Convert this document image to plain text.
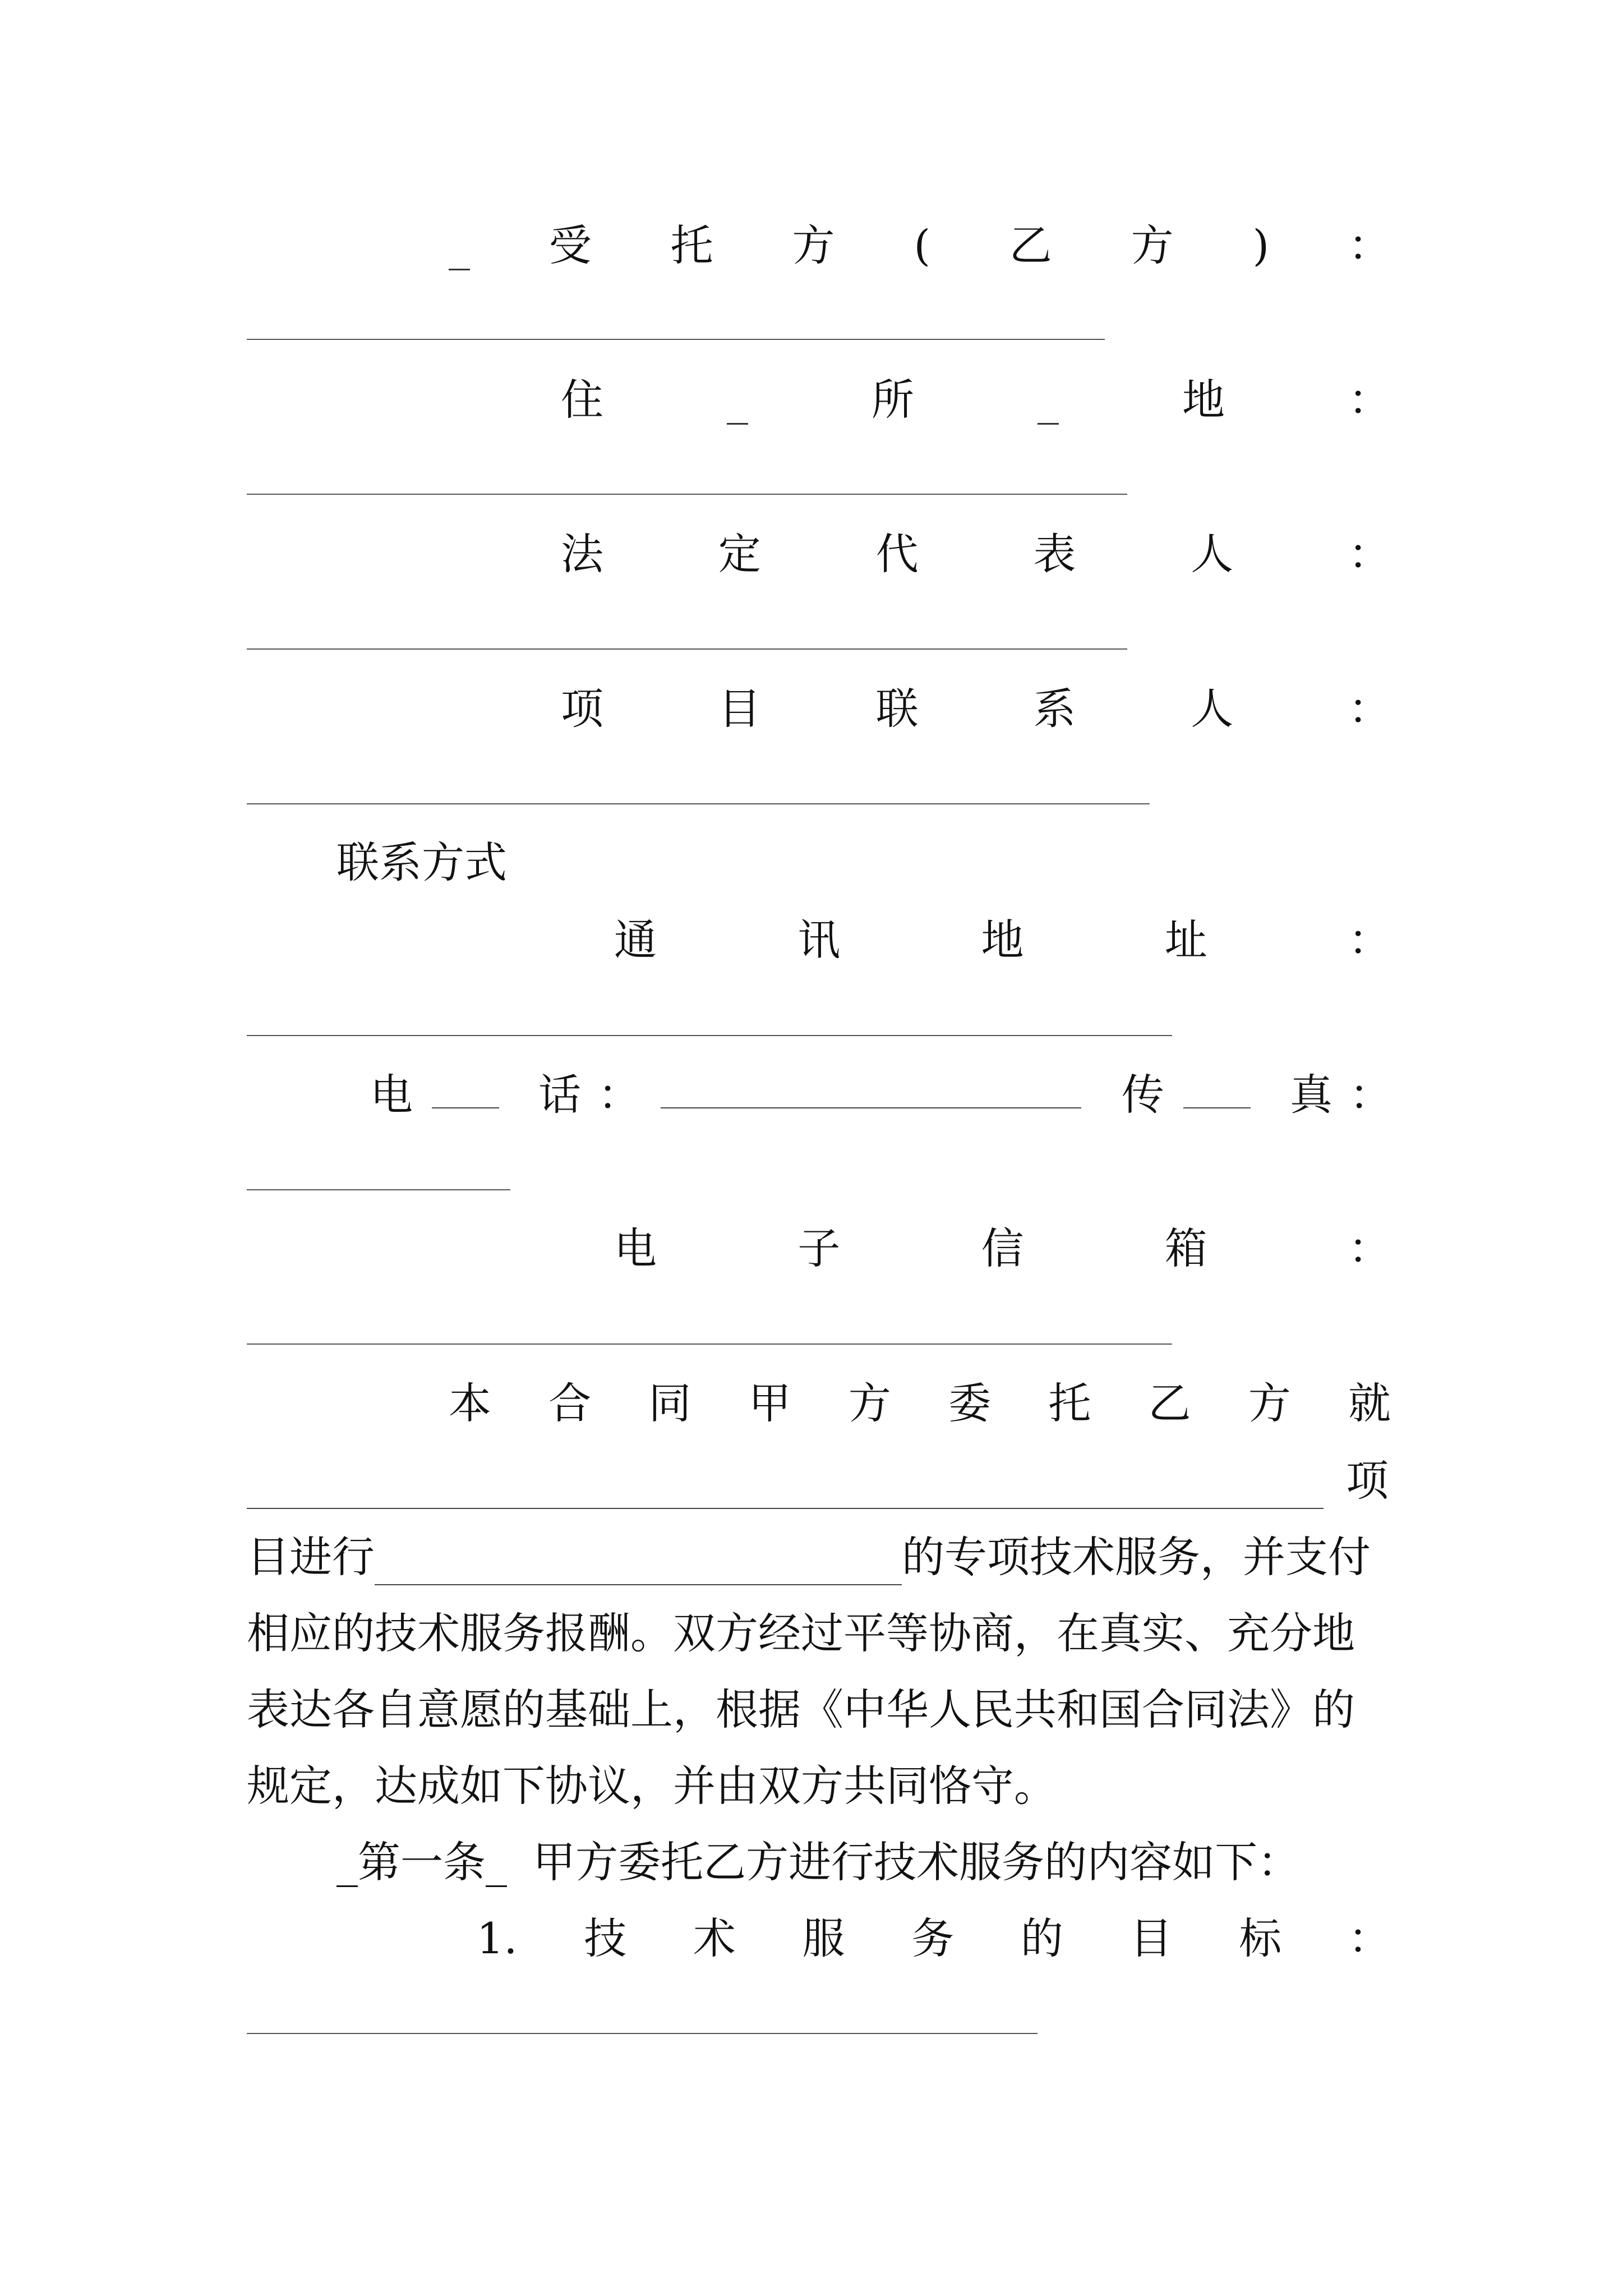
_ 受 托 方 ( 乙 方 ) ：
住	_	所	_	地	：
法	定	代	表	人	：
项	目	联	系	人	：
联系方式
通	讯	地	址	：
电	话：	传	真：
电	子	信	箱	：
本 合 同 甲 方 委 托 乙 方 就
项
目进行	的专项技术服务，并支付
相应的技术服务报酬。双方经过平等协商，在真实、充分地
表达各自意愿的基础上，根据《中华人民共和国合同法》的
规定，达成如下协议，并由双方共同恪守。
_第一条_ 甲方委托乙方进行技术服务的内容如下：
1. 技 术 服 务 的 目 标 ：
